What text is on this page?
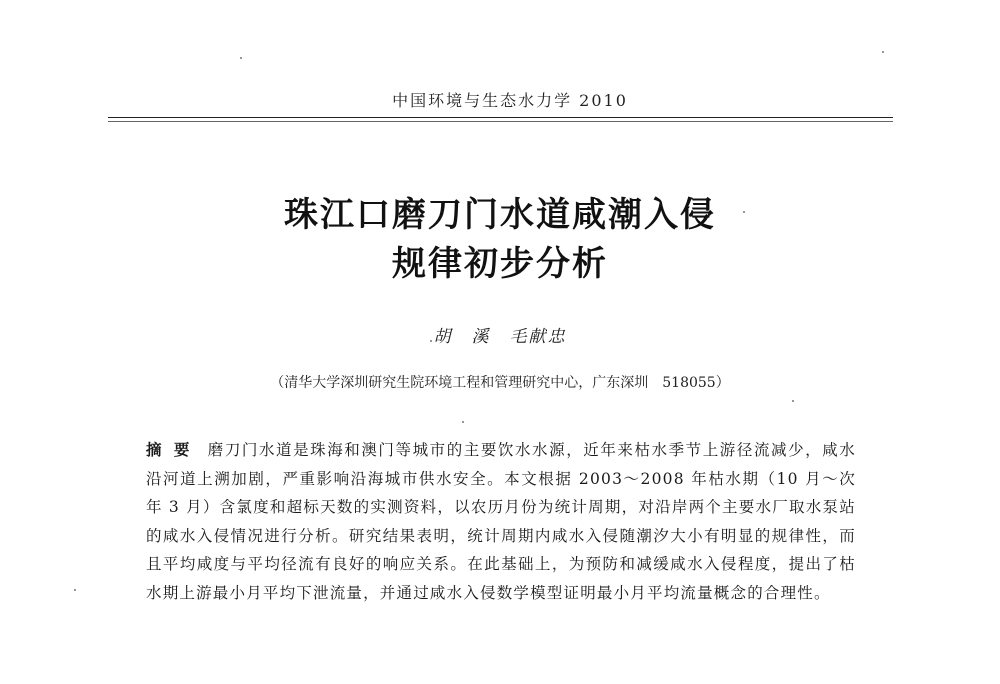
中国环境与生态水力学 2010
珠江口磨刀门水道咸潮入侵
规律初步分析
胡　溪　毛献忠
（清华大学深圳研究生院环境工程和管理研究中心，广东深圳　518055）
摘要 磨刀门水道是珠海和澳门等城市的主要饮水水源，近年来枯水季节上游径流减少，咸水沿河道上溯加剧，严重影响沿海城市供水安全。本文根据 2003～2008 年枯水期（10 月～次年 3 月）含氯度和超标天数的实测资料，以农历月份为统计周期，对沿岸两个主要水厂取水泵站的咸水入侵情况进行分析。研究结果表明，统计周期内咸水入侵随潮汐大小有明显的规律性，而且平均咸度与平均径流有良好的响应关系。在此基础上，为预防和减缓咸水入侵程度，提出了枯水期上游最小月平均下泄流量，并通过咸水入侵数学模型证明最小月平均流量概念的合理性。
